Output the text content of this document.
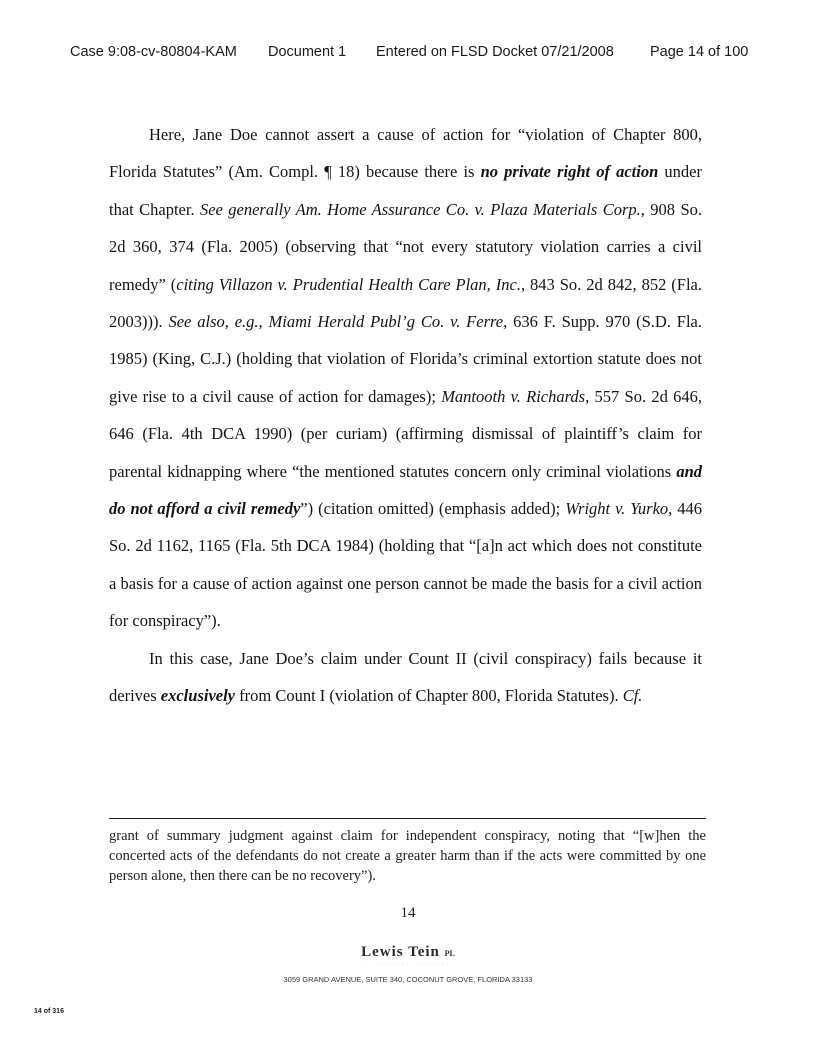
Case 9:08-cv-80804-KAM Document 1 Entered on FLSD Docket 07/21/2008 Page 14 of 100

Here, Jane Doe cannot assert a cause of action for “violation of Chapter 800, Florida Statutes” (Am. Compl. ¶ 18) because there is no private right of action under that Chapter. See generally Am. Home Assurance Co. v. Plaza Materials Corp., 908 So. 2d 360, 374 (Fla. 2005) (observing that “not every statutory violation carries a civil remedy” (citing Villazon v. Prudential Health Care Plan, Inc., 843 So. 2d 842, 852 (Fla. 2003))). See also, e.g., Miami Herald Publ’g Co. v. Ferre, 636 F. Supp. 970 (S.D. Fla. 1985) (King, C.J.) (holding that violation of Florida’s criminal extortion statute does not give rise to a civil cause of action for damages); Mantooth v. Richards, 557 So. 2d 646, 646 (Fla. 4th DCA 1990) (per curiam) (affirming dismissal of plaintiff’s claim for parental kidnapping where “the mentioned statutes concern only criminal violations and do not afford a civil remedy”) (citation omitted) (emphasis added); Wright v. Yurko, 446 So. 2d 1162, 1165 (Fla. 5th DCA 1984) (holding that “[a]n act which does not constitute a basis for a cause of action against one person cannot be made the basis for a civil action for conspiracy”).

In this case, Jane Doe’s claim under Count II (civil conspiracy) fails because it derives exclusively from Count I (violation of Chapter 800, Florida Statutes). Cf.

grant of summary judgment against claim for independent conspiracy, noting that “[w]hen the concerted acts of the defendants do not create a greater harm than if the acts were committed by one person alone, then there can be no recovery”).

14
Lewis Tein PL
· · · · · · · · · · · · · · · · · · ·
3059 GRAND AVENUE, SUITE 340, COCONUT GROVE, FLORIDA 33133
14 of 316
